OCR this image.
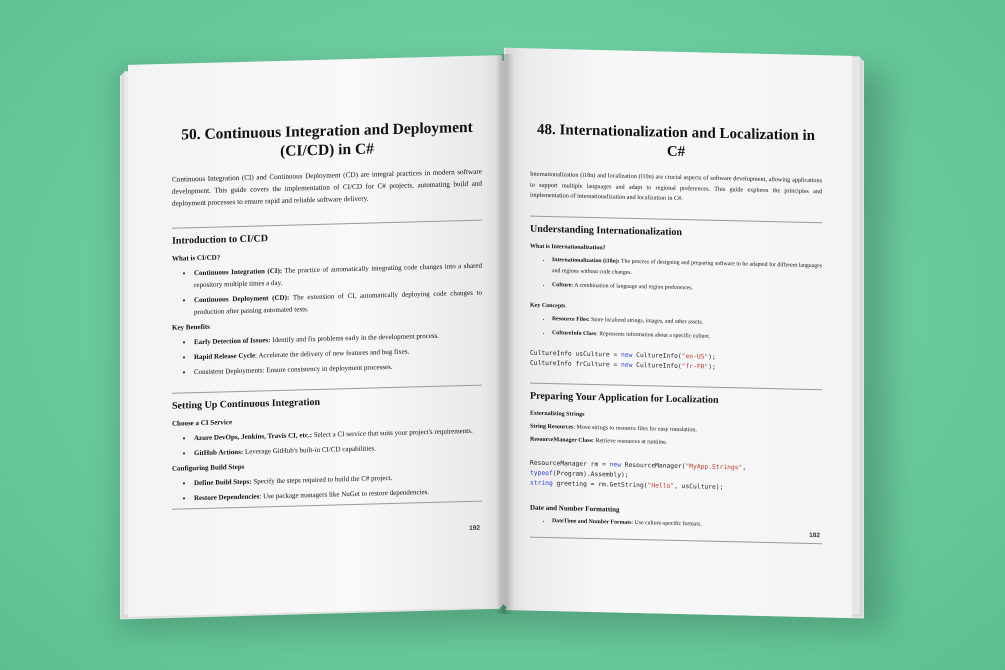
50. Continuous Integration and Deployment (CI/CD) in C#

Continuous Integration (CI) and Continuous Deployment (CD) are integral practices in modern software development. This guide covers the implementation of CI/CD for C# projects, automating build and deployment processes to ensure rapid and reliable software delivery.

Introduction to CI/CD
What is CI/CD?
• Continuous Integration (CI): The practice of automatically integrating code changes into a shared repository multiple times a day.
• Continuous Deployment (CD): The extension of CI, automatically deploying code changes to production after passing automated tests.
Key Benefits
• Early Detection of Issues: Identify and fix problems early in the development process.
• Rapid Release Cycle: Accelerate the delivery of new features and bug fixes.
• Consistent Deployments: Ensure consistency in deployment processes.
Setting Up Continuous Integration
Choose a CI Service
• Azure DevOps, Jenkins, Travis CI, etc.: Select a CI service that suits your project's requirements.
• GitHub Actions: Leverage GitHub's built-in CI/CD capabilities.
Configuring Build Steps
• Define Build Steps: Specify the steps required to build the C# project.
• Restore Dependencies: Use package managers like NuGet to restore dependencies.
192
48. Internationalization and Localization in C#

Internationalization (i18n) and localization (l10n) are crucial aspects of software development, allowing applications to support multiple languages and adapt to regional preferences. This guide explores the principles and implementation of internationalization and localization in C#.

Understanding Internationalization
What is Internationalization?
• Internationalization (i18n): The process of designing and preparing software to be adapted for different languages and regions without code changes.
• Culture: A combination of language and region preferences.
Key Concepts
• Resource Files: Store localized strings, images, and other assets.
• CultureInfo Class: Represents information about a specific culture.
CultureInfo usCulture = new CultureInfo("en-US");
CultureInfo frCulture = new CultureInfo("fr-FR");
Preparing Your Application for Localization
Externalizing Strings
String Resources: Move strings to resource files for easy translation.
ResourceManager Class: Retrieve resources at runtime.
ResourceManager rm = new ResourceManager("MyApp.Strings",
typeof(Program).Assembly);
string greeting = rm.GetString("Hello", usCulture);
Date and Number Formatting
• DateTime and Number Formats: Use culture-specific formats.
182
